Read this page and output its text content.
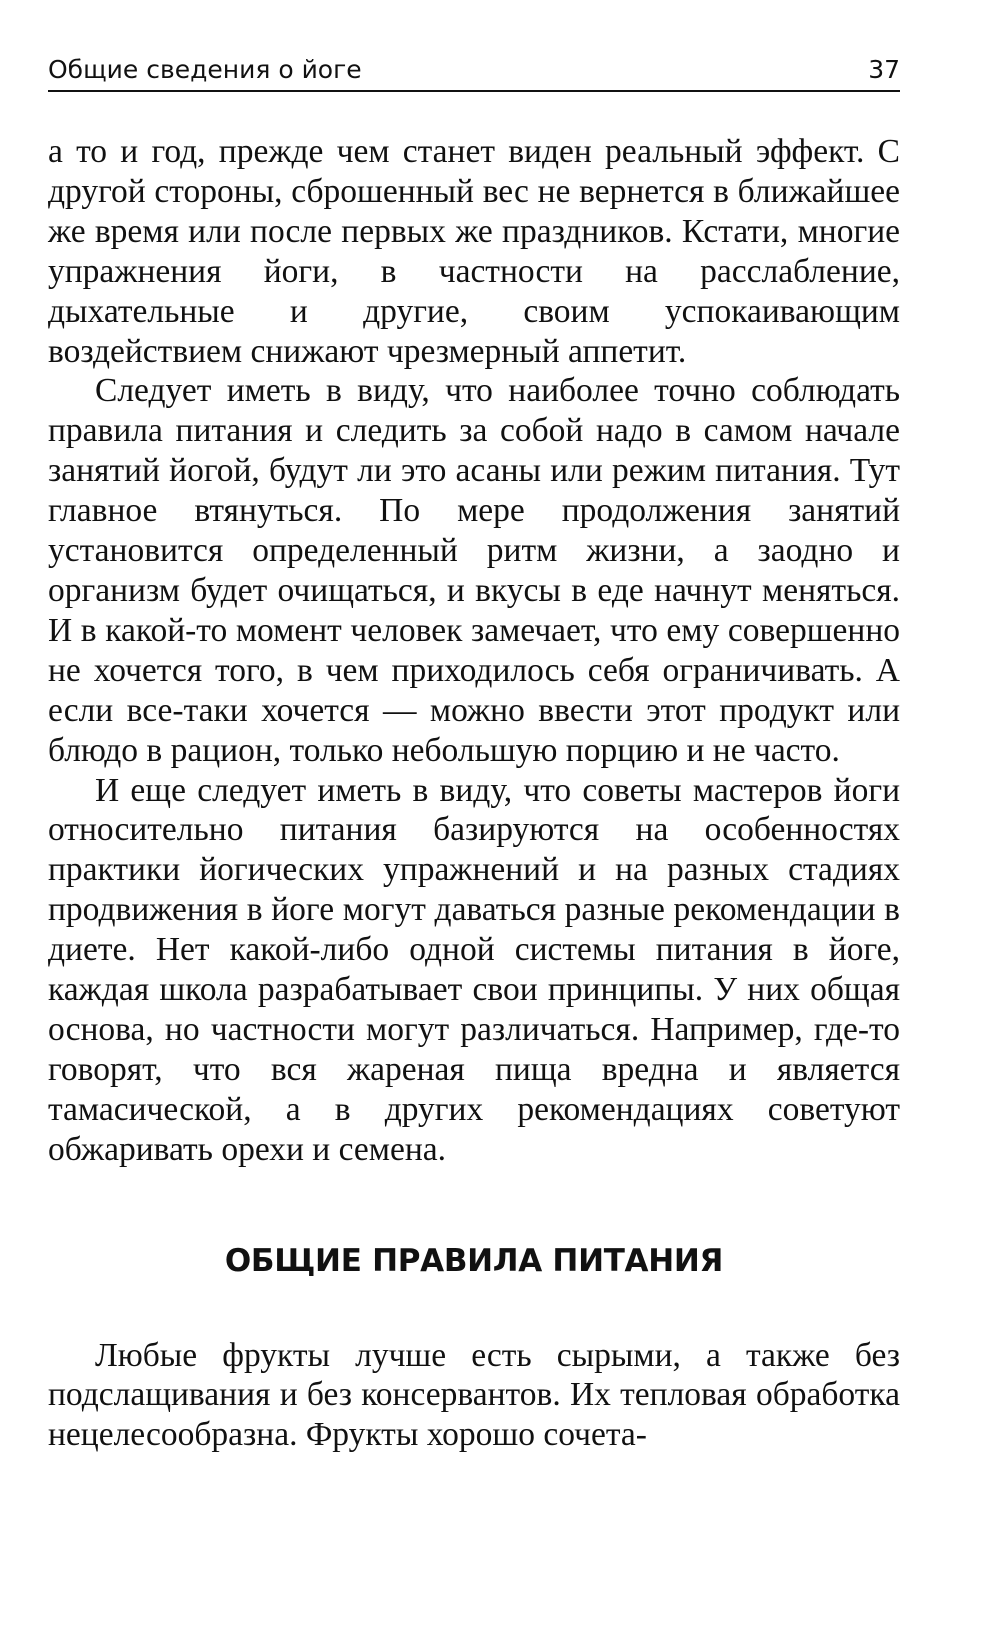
Общие сведения о йоге	37

а то и год, прежде чем станет виден реальный эффект. С другой стороны, сброшенный вес не вернется в ближайшее же время или после первых же праздников. Кстати, многие упражнения йоги, в частности на расслабление, дыхательные и другие, своим успокаивающим воздействием снижают чрезмерный аппетит.

Следует иметь в виду, что наиболее точно соблюдать правила питания и следить за собой надо в самом начале занятий йогой, будут ли это асаны или режим питания. Тут главное втянуться. По мере продолжения занятий установится определенный ритм жизни, а заодно и организм будет очищаться, и вкусы в еде начнут меняться. И в какой-то момент человек замечает, что ему совершенно не хочется того, в чем приходилось себя ограничивать. А если все-таки хочется — можно ввести этот продукт или блюдо в рацион, только небольшую порцию и не часто.

И еще следует иметь в виду, что советы мастеров йоги относительно питания базируются на особенностях практики йогических упражнений и на разных стадиях продвижения в йоге могут даваться разные рекомендации в диете. Нет какой-либо одной системы питания в йоге, каждая школа разрабатывает свои принципы. У них общая основа, но частности могут различаться. Например, где-то говорят, что вся жареная пища вредна и является тамасической, а в других рекомендациях советуют обжаривать орехи и семена.

ОБЩИЕ ПРАВИЛА ПИТАНИЯ

Любые фрукты лучше есть сырыми, а также без подслащивания и без консервантов. Их тепловая обработка нецелесообразна. Фрукты хорошо сочета-
